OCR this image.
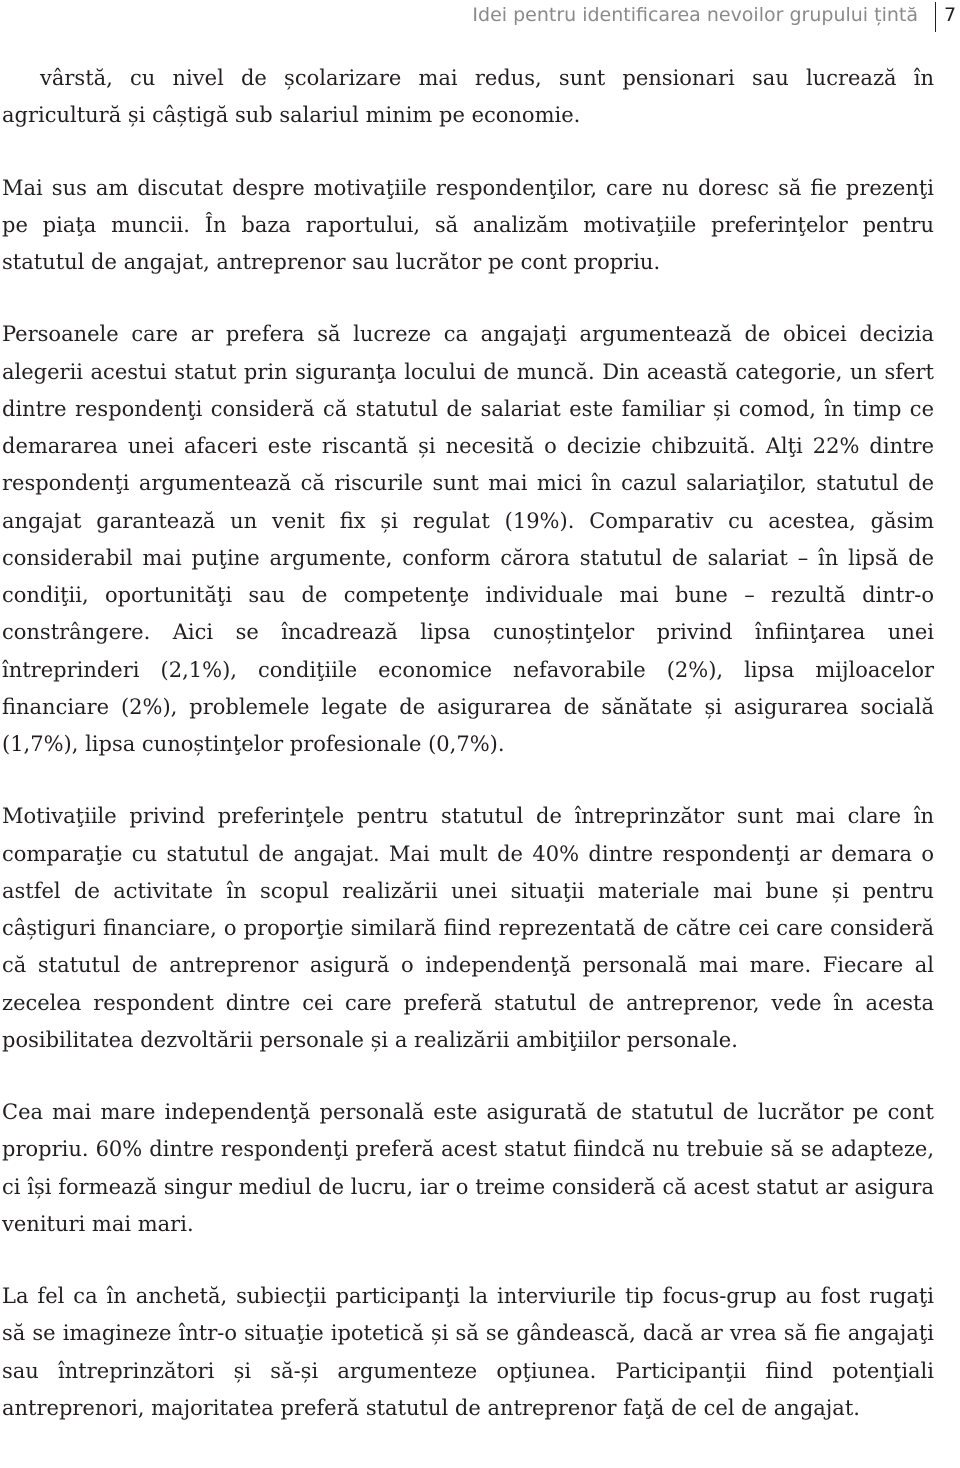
Idei pentru identificarea nevoilor grupului țintă 7

vârstă, cu nivel de școlarizare mai redus, sunt pensionari sau lucrează în agricultură și câștigă sub salariul minim pe economie.

Mai sus am discutat despre motivaţiile respondenţilor, care nu doresc să fie prezenţi pe piaţa muncii. În baza raportului, să analizăm motivaţiile preferinţelor pentru statutul de angajat, antreprenor sau lucrător pe cont propriu.

Persoanele care ar prefera să lucreze ca angajaţi argumentează de obicei decizia alegerii acestui statut prin siguranţa locului de muncă. Din această categorie, un sfert dintre respondenţi consideră că statutul de salariat este familiar și comod, în timp ce demararea unei afaceri este riscantă și necesită o decizie chibzuită. Alţi 22% dintre respondenţi argumentează că riscurile sunt mai mici în cazul salariaţilor, statutul de angajat garantează un venit fix și regulat (19%). Comparativ cu acestea, găsim considerabil mai puţine argumente, conform cărora statutul de salariat – în lipsă de condiţii, oportunităţi sau de competenţe individuale mai bune – rezultă dintr-o constrângere. Aici se încadrează lipsa cunoștinţelor privind înfiinţarea unei întreprinderi (2,1%), condiţiile economice nefavorabile (2%), lipsa mijloacelor financiare (2%), problemele legate de asigurarea de sănătate și asigurarea socială (1,7%), lipsa cunoștinţelor profesionale (0,7%).

Motivaţiile privind preferinţele pentru statutul de întreprinzător sunt mai clare în comparaţie cu statutul de angajat. Mai mult de 40% dintre respondenţi ar demara o astfel de activitate în scopul realizării unei situaţii materiale mai bune și pentru câștiguri financiare, o proporţie similară fiind reprezentată de către cei care consideră că statutul de antreprenor asigură o independenţă personală mai mare. Fiecare al zecelea respondent dintre cei care preferă statutul de antreprenor, vede în acesta posibilitatea dezvoltării personale și a realizării ambiţiilor personale.

Cea mai mare independenţă personală este asigurată de statutul de lucrător pe cont propriu. 60% dintre respondenţi preferă acest statut fiindcă nu trebuie să se adapteze, ci își formează singur mediul de lucru, iar o treime consideră că acest statut ar asigura venituri mai mari.

La fel ca în anchetă, subiecţii participanţi la interviurile tip focus-grup au fost rugaţi să se imagineze într-o situaţie ipotetică și să se gândească, dacă ar vrea să fie angajaţi sau întreprinzători și să-și argumenteze opţiunea. Participanţii fiind potenţiali antreprenori, majoritatea preferă statutul de antreprenor faţă de cel de angajat.
